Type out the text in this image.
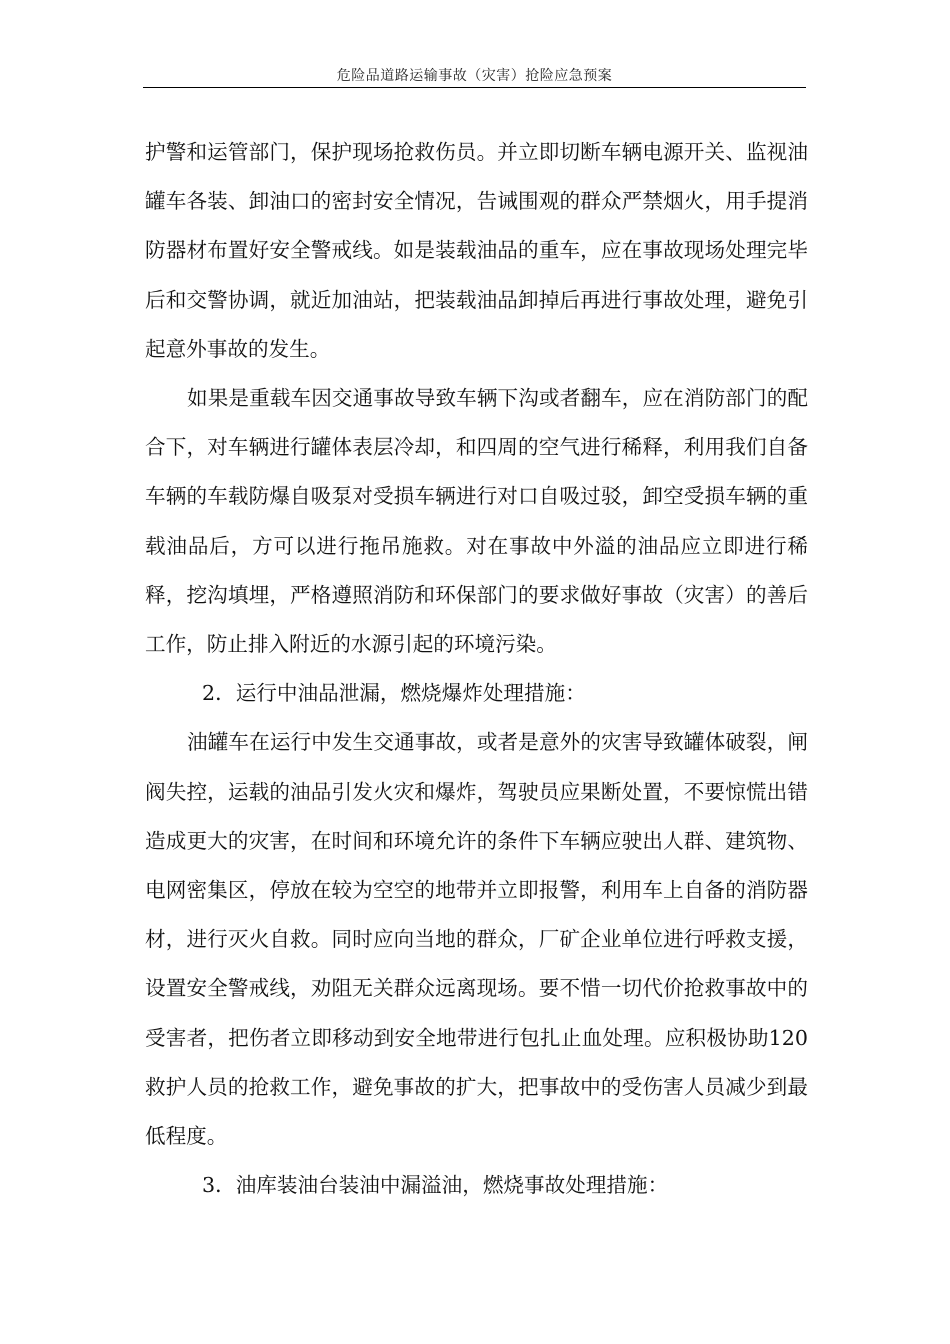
危险品道路运输事故（灾害）抢险应急预案

护警和运管部门，保护现场抢救伤员。并立即切断车辆电源开关、监视油罐车各装、卸油口的密封安全情况，告诫围观的群众严禁烟火，用手提消防器材布置好安全警戒线。如是装载油品的重车，应在事故现场处理完毕后和交警协调，就近加油站，把装载油品卸掉后再进行事故处理，避免引起意外事故的发生。

如果是重载车因交通事故导致车辆下沟或者翻车，应在消防部门的配合下，对车辆进行罐体表层冷却，和四周的空气进行稀释，利用我们自备车辆的车载防爆自吸泵对受损车辆进行对口自吸过驳，卸空受损车辆的重载油品后，方可以进行拖吊施救。对在事故中外溢的油品应立即进行稀释，挖沟填埋，严格遵照消防和环保部门的要求做好事故（灾害）的善后工作，防止排入附近的水源引起的环境污染。

2．运行中油品泄漏，燃烧爆炸处理措施：

油罐车在运行中发生交通事故，或者是意外的灾害导致罐体破裂，闸阀失控，运载的油品引发火灾和爆炸，驾驶员应果断处置，不要惊慌出错造成更大的灾害，在时间和环境允许的条件下车辆应驶出人群、建筑物、电网密集区，停放在较为空空的地带并立即报警，利用车上自备的消防器材，进行灭火自救。同时应向当地的群众，厂矿企业单位进行呼救支援，设置安全警戒线，劝阻无关群众远离现场。要不惜一切代价抢救事故中的受害者，把伤者立即移动到安全地带进行包扎止血处理。应积极协助120救护人员的抢救工作，避免事故的扩大，把事故中的受伤害人员减少到最低程度。

3．油库装油台装油中漏溢油，燃烧事故处理措施：
